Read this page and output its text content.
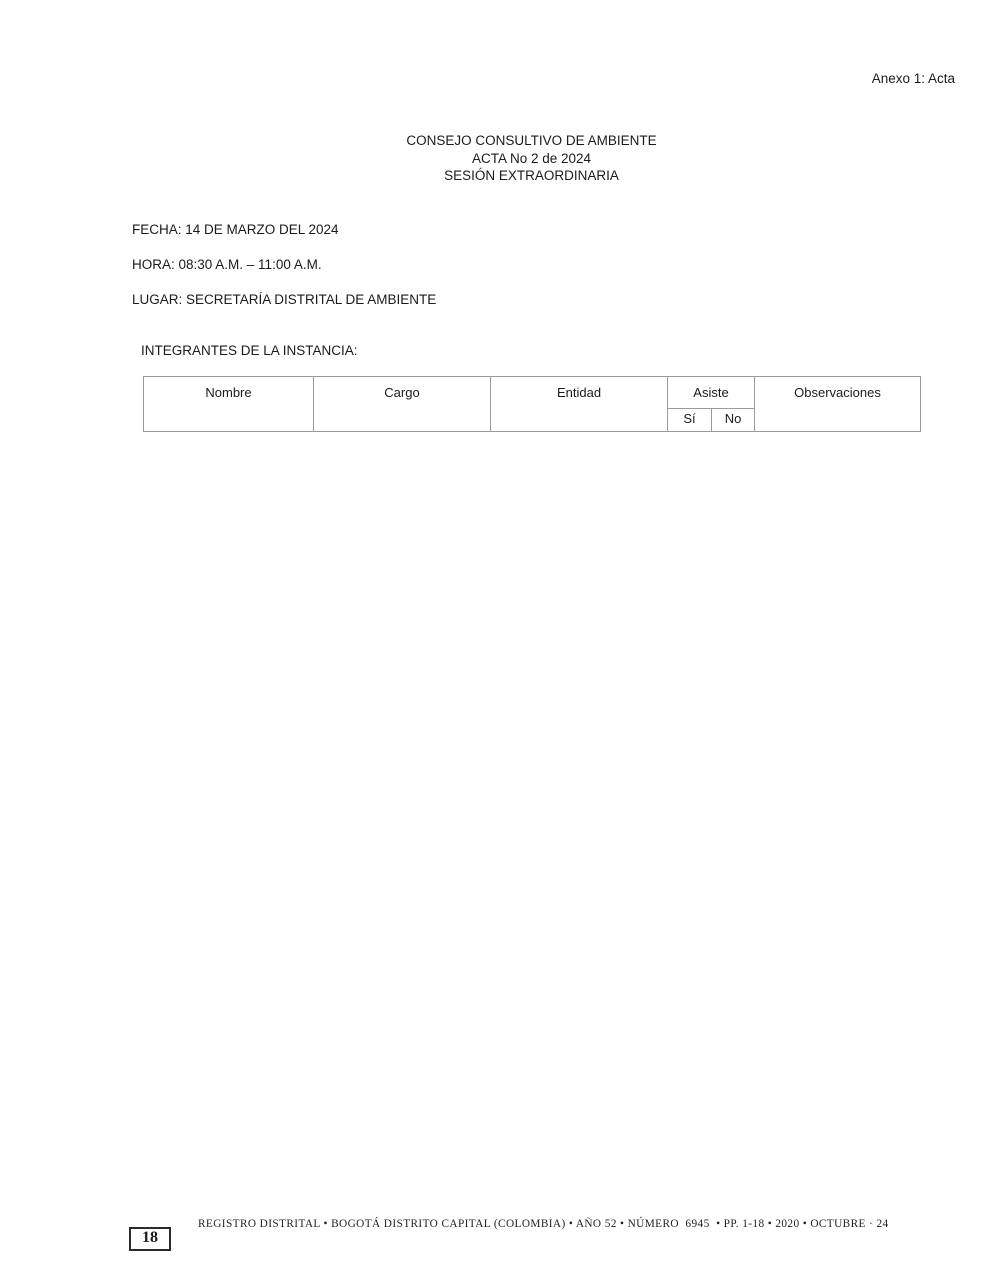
Anexo 1: Acta
CONSEJO CONSULTIVO DE AMBIENTE
ACTA No 2 de 2024
SESIÓN EXTRAORDINARIA
FECHA: 14 DE MARZO DEL 2024
HORA: 08:30 A.M. – 11:00 A.M.
LUGAR: SECRETARÍA DISTRITAL DE AMBIENTE
INTEGRANTES DE LA INSTANCIA:
Nombre	Cargo	Entidad	Asiste		Observaciones
			Sí	No	
18
REGISTRO DISTRITAL • BOGOTÁ DISTRITO CAPITAL (COLOMBIA) • AÑO 52 • NÚMERO  6945  • PP. 1-18 • 2020 • OCTUBRE · 24
